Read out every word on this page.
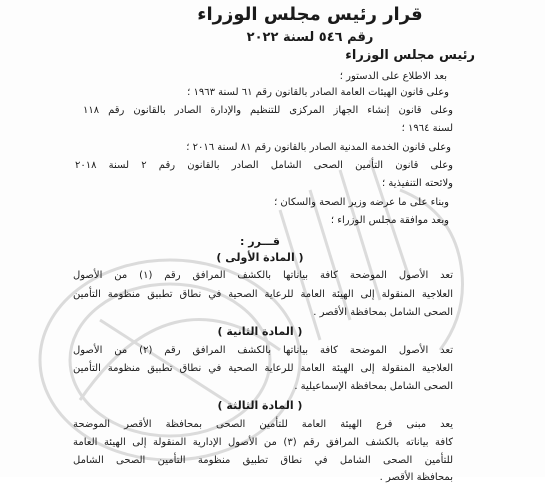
قرار رئيس مجلس الوزراء
رقم ٥٤٦ لسنة ٢٠٢٢
رئيس مجلس الوزراء
بعد الاطلاع على الدستور ؛
وعلى قانون الهيئات العامة الصادر بالقانون رقم ٦١ لسنة ١٩٦٣ ؛
وعلى قانون إنشاء الجهاز المركزى للتنظيم والإدارة الصادر بالقانون رقم ١١٨
لسنة ١٩٦٤ ؛
وعلى قانون الخدمة المدنية الصادر بالقانون رقم ٨١ لسنة ٢٠١٦ ؛
وعلى قانون التأمين الصحى الشامل الصادر بالقانون رقم ٢ لسنة ٢٠١٨
ولائحته التنفيذية ؛
وبناء على ما عرضه وزير الصحة والسكان ؛
وبعد موافقة مجلس الوزراء ؛
قـــرر :
( المادة الأولى )
تعد الأصول الموضحة كافة بياناتها بالكشف المرافق رقم (١) من الأصول
العلاجية المنقولة إلى الهيئة العامة للرعاية الصحية في نطاق تطبيق منظومة التأمين
الصحى الشامل بمحافظة الأقصر .
( المادة الثانية )
تعد الأصول الموضحة كافة بياناتها بالكشف المرافق رقم (٢) من الأصول
العلاجية المنقولة إلى الهيئة العامة للرعاية الصحية في نطاق تطبيق منظومة التأمين
الصحى الشامل بمحافظة الإسماعيلية .
( المادة الثالثة )
يعد مبنى فرع الهيئة العامة للتأمين الصحى بمحافظة الأقصر الموضحة
كافة بياناته بالكشف المرافق رقم (٣) من الأصول الإدارية المنقولة إلى الهيئة العامة
للتأمين الصحى الشامل في نطاق تطبيق منظومة التأمين الصحى الشامل
بمحافظة الأقصر .
